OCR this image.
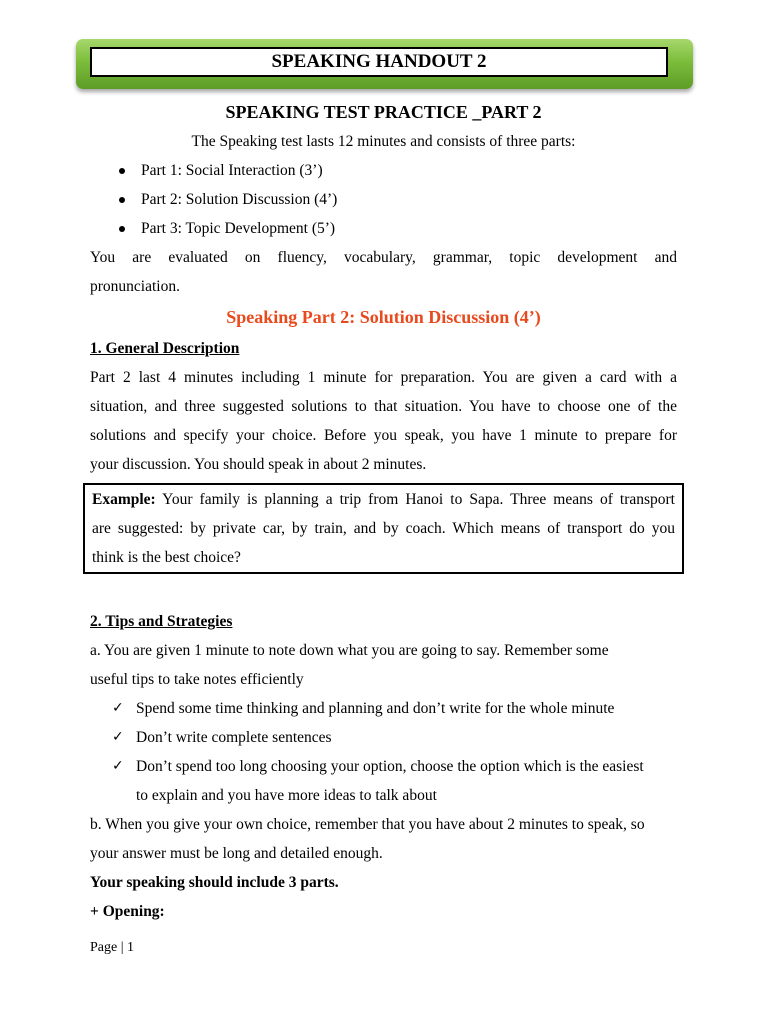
SPEAKING HANDOUT 2
SPEAKING TEST PRACTICE _PART 2
The Speaking test lasts 12 minutes and consists of three parts:
Part 1: Social Interaction (3’)
Part 2: Solution Discussion (4’)
Part 3: Topic Development (5’)
You are evaluated on fluency, vocabulary, grammar, topic development and
pronunciation.
Speaking Part 2: Solution Discussion (4’)
1. General Description
Part 2 last 4 minutes including 1 minute for preparation. You are given a card with a
situation, and three suggested solutions to that situation. You have to choose one of the
solutions and specify your choice. Before you speak, you have 1 minute to prepare for
your discussion. You should speak in about 2 minutes.
Example: Your family is planning a trip from Hanoi to Sapa. Three means of transport
are suggested: by private car, by train, and by coach. Which means of transport do you
think is the best choice?
2. Tips and Strategies
a. You are given 1 minute to note down what you are going to say. Remember some
useful tips to take notes efficiently
✓ Spend some time thinking and planning and don’t write for the whole minute
✓ Don’t write complete sentences
✓ Don’t spend too long choosing your option, choose the option which is the easiest
to explain and you have more ideas to talk about
b. When you give your own choice, remember that you have about 2 minutes to speak, so
your answer must be long and detailed enough.
Your speaking should include 3 parts.
+ Opening:
Page | 1
